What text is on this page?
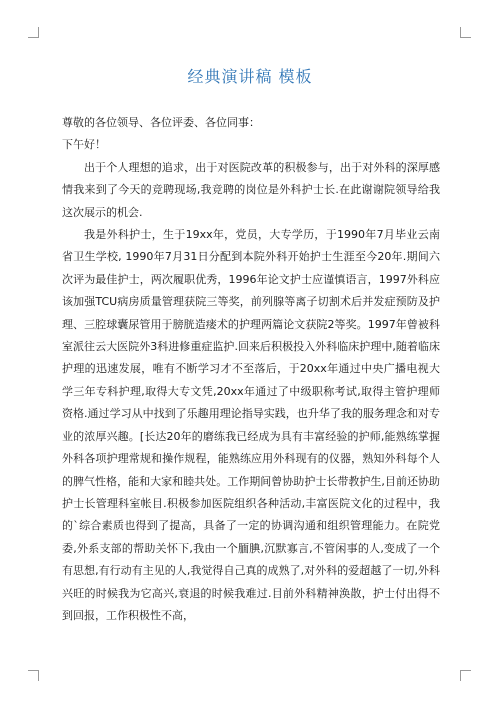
经典演讲稿 模板

尊敬的各位领导、各位评委、各位同事：

下午好！

出于个人理想的追求，出于对医院改革的积极参与，出于对外科的深厚感情我来到了今天的竞聘现场,我竞聘的岗位是外科护士长.在此谢谢院领导给我这次展示的机会.

我是外科护士，生于19xx年，党员，大专学历，于1990年7月毕业云南省卫生学校, 1990年7月31日分配到本院外科开始护士生涯至今20年.期间六次评为最佳护士，两次履职优秀，1996年论文护士应谨慎语言，1997外科应该加强TCU病房质量管理获院三等奖，前列腺等离子切割术后并发症预防及护理、三腔球囊尿管用于膀胱造瘘术的护理两篇论文获院2等奖。1997年曾被科室派往云大医院外3科进修重症监护.回来后积极投入外科临床护理中,随着临床护理的迅速发展，唯有不断学习才不至落后，于20xx年通过中央广播电视大学三年专科护理,取得大专文凭,20xx年通过了中级职称考试,取得主管护理师资格.通过学习从中找到了乐趣用理论指导实践，也升华了我的服务理念和对专业的浓厚兴趣。[长达20年的磨练我已经成为具有丰富经验的护师,能熟练掌握外科各项护理常规和操作规程，能熟练应用外科现有的仪器，熟知外科每个人的脾气性格，能和大家和睦共处。工作期间曾协助护士长带教护生,目前还协助护士长管理科室帐目.积极参加医院组织各种活动,丰富医院文化的过程中，我的`综合素质也得到了提高，具备了一定的协调沟通和组织管理能力。在院党委,外系支部的帮助关怀下,我由一个腼腆,沉默寡言,不管闲事的人,变成了一个有思想,有行动有主见的人,我觉得自己真的成熟了,对外科的爱超越了一切,外科兴旺的时候我为它高兴,衰退的时候我难过.目前外科精神涣散，护士付出得不到回报，工作积极性不高，
